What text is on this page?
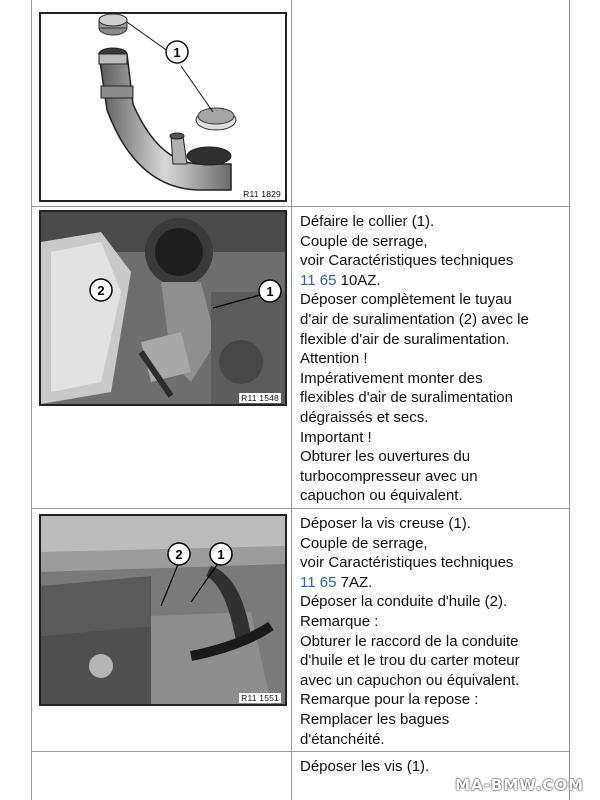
1
R11 1829
1
2
R11 1548

Défaire le collier (1).

Couple de serrage,

voir Caractéristiques techniques

11 65 10AZ.

Déposer complètement le tuyau

d'air de suralimentation (2) avec le

flexible d'air de suralimentation.

Attention !

Impérativement monter des

flexibles d'air de suralimentation

dégraissés et secs.

Important !

Obturer les ouvertures du

turbocompresseur avec un

capuchon ou équivalent.

2	1
R11 1551

Déposer la vis creuse (1).

Couple de serrage,

voir Caractéristiques techniques

11 65 7AZ.

Déposer la conduite d'huile (2).

Remarque :

Obturer le raccord de la conduite

d'huile et le trou du carter moteur

avec un capuchon ou équivalent.

Remarque pour la repose :

Remplacer les bagues

d'étanchéité.

Déposer les vis (1).

MA-BMW.COM
